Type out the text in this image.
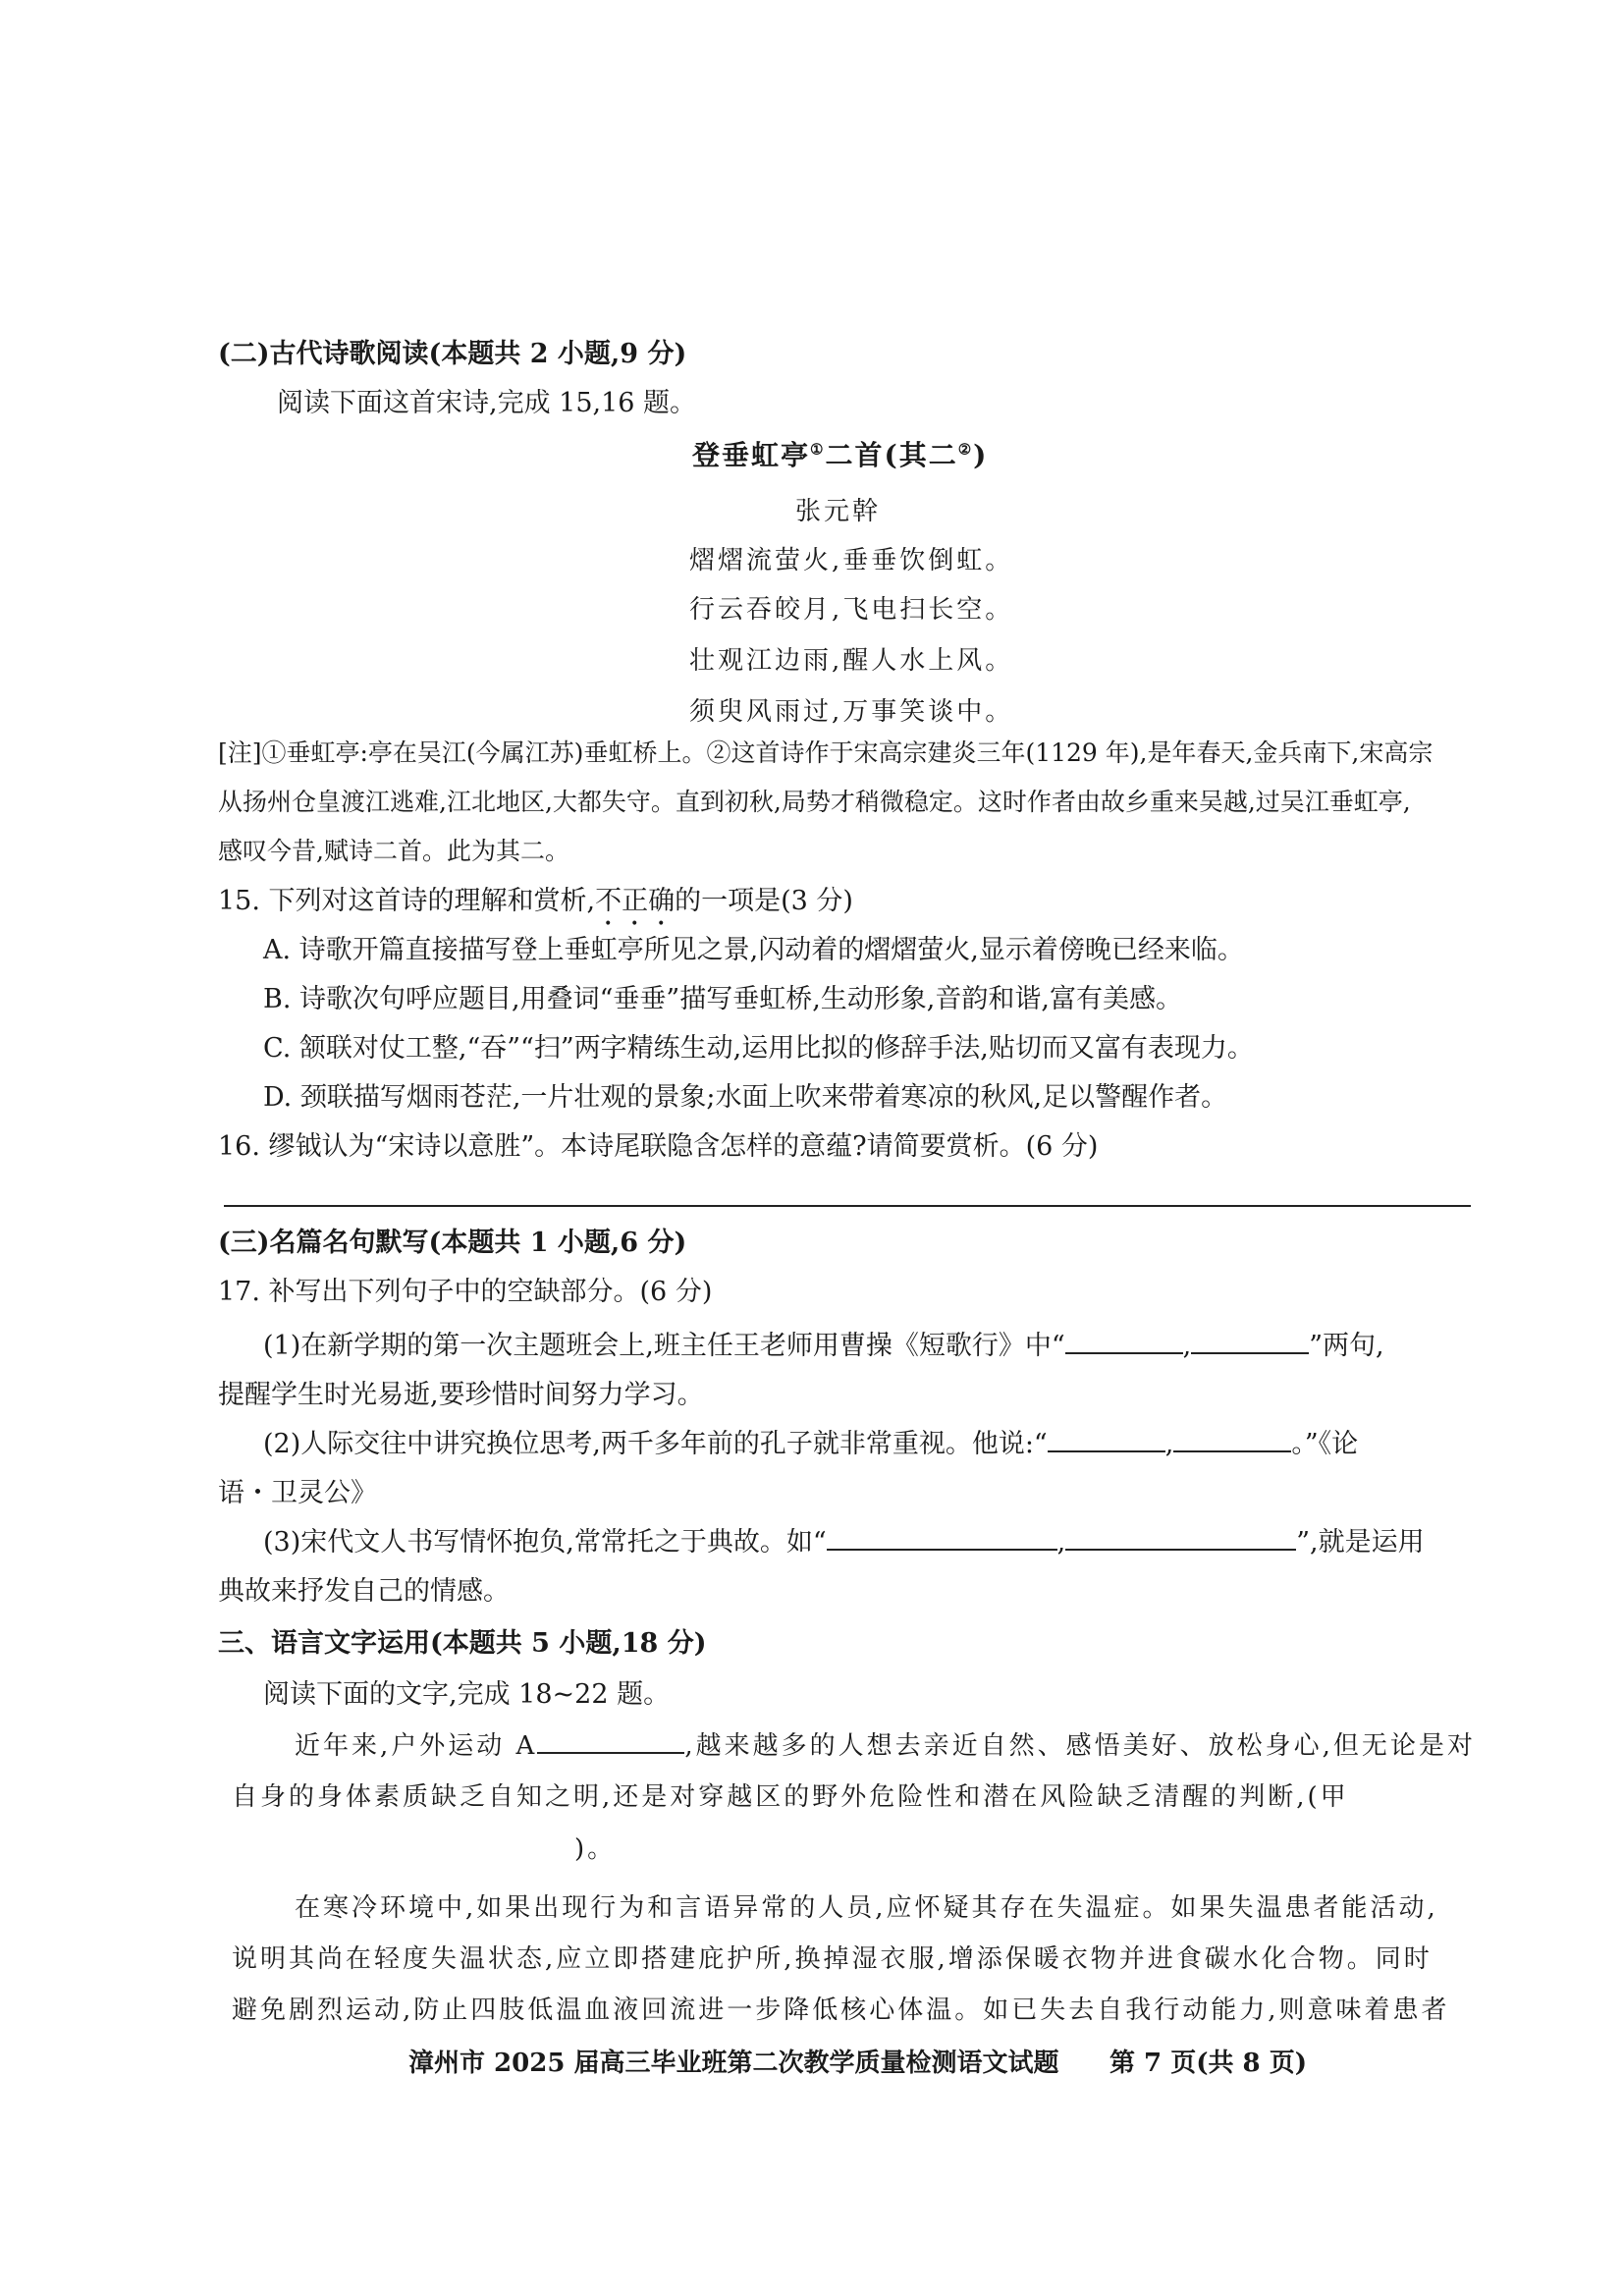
(二)古代诗歌阅读(本题共 2 小题,9 分)
阅读下面这首宋诗,完成 15,16 题。
登垂虹亭①二首(其二②)
张元幹
熠熠流萤火,垂垂饮倒虹。
行云吞皎月,飞电扫长空。
壮观江边雨,醒人水上风。
须臾风雨过,万事笑谈中。
[注]①垂虹亭:亭在吴江(今属江苏)垂虹桥上。②这首诗作于宋高宗建炎三年(1129 年),是年春天,金兵南下,宋高宗
从扬州仓皇渡江逃难,江北地区,大都失守。直到初秋,局势才稍微稳定。这时作者由故乡重来吴越,过吴江垂虹亭,
感叹今昔,赋诗二首。此为其二。
15. 下列对这首诗的理解和赏析,不正确的一项是(3 分)
A. 诗歌开篇直接描写登上垂虹亭所见之景,闪动着的熠熠萤火,显示着傍晚已经来临。
B. 诗歌次句呼应题目,用叠词“垂垂”描写垂虹桥,生动形象,音韵和谐,富有美感。
C. 颔联对仗工整,“吞”“扫”两字精练生动,运用比拟的修辞手法,贴切而又富有表现力。
D. 颈联描写烟雨苍茫,一片壮观的景象;水面上吹来带着寒凉的秋风,足以警醒作者。
16. 缪钺认为“宋诗以意胜”。本诗尾联隐含怎样的意蕴?请简要赏析。(6 分)
(三)名篇名句默写(本题共 1 小题,6 分)
17. 补写出下列句子中的空缺部分。(6 分)
(1)在新学期的第一次主题班会上,班主任王老师用曹操《短歌行》中“	,	”两句,
提醒学生时光易逝,要珍惜时间努力学习。
(2)人际交往中讲究换位思考,两千多年前的孔子就非常重视。他说:“	,	。”《论
语・卫灵公》
(3)宋代文人书写情怀抱负,常常托之于典故。如“	,	”,就是运用
典故来抒发自己的情感。
三、语言文字运用(本题共 5 小题,18 分)
阅读下面的文字,完成 18~22 题。
近年来,户外运动 A	,越来越多的人想去亲近自然、感悟美好、放松身心,但无论是对
自身的身体素质缺乏自知之明,还是对穿越区的野外危险性和潜在风险缺乏清醒的判断,(甲
)。
在寒冷环境中,如果出现行为和言语异常的人员,应怀疑其存在失温症。如果失温患者能活动,
说明其尚在轻度失温状态,应立即搭建庇护所,换掉湿衣服,增添保暖衣物并进食碳水化合物。同时
避免剧烈运动,防止四肢低温血液回流进一步降低核心体温。如已失去自我行动能力,则意味着患者
漳州市 2025 届高三毕业班第二次教学质量检测语文试题 第 7 页(共 8 页)
